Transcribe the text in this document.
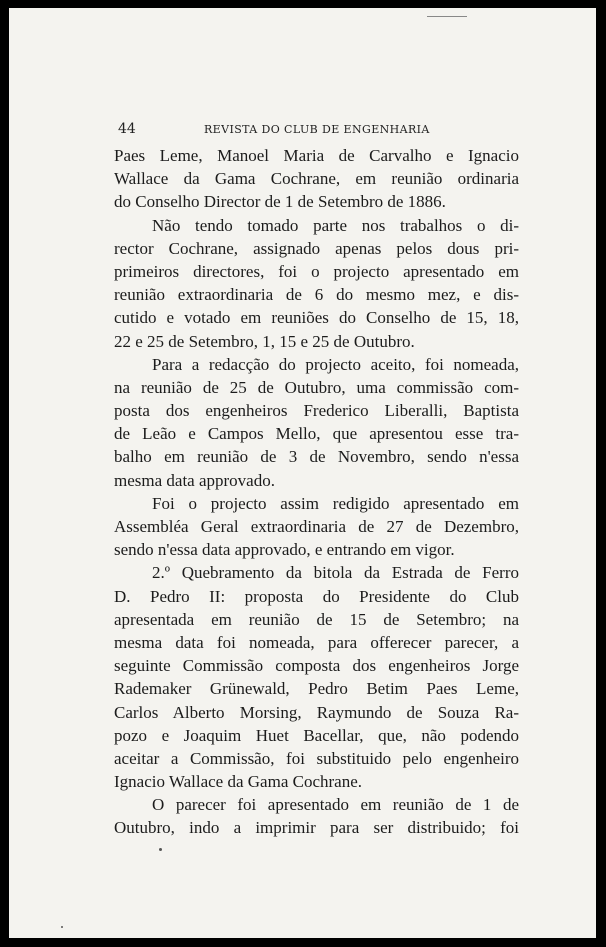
44	REVISTA DO CLUB DE ENGENHARIA
Paes Leme, Manoel Maria de Carvalho e Ignacio
Wallace da Gama Cochrane, em reunião ordinaria
do Conselho Director de 1 de Setembro de 1886.
Não tendo tomado parte nos trabalhos o di-
rector Cochrane, assignado apenas pelos dous pri-
primeiros directores, foi o projecto apresentado em
reunião extraordinaria de 6 do mesmo mez, e dis-
cutido e votado em reuniões do Conselho de 15, 18,
22 e 25 de Setembro, 1, 15 e 25 de Outubro.
Para a redacção do projecto aceito, foi nomeada,
na reunião de 25 de Outubro, uma commissão com-
posta dos engenheiros Frederico Liberalli, Baptista
de Leão e Campos Mello, que apresentou esse tra-
balho em reunião de 3 de Novembro, sendo n'essa
mesma data approvado.
Foi o projecto assim redigido apresentado em
Assembléa Geral extraordinaria de 27 de Dezembro,
sendo n'essa data approvado, e entrando em vigor.
2.º Quebramento da bitola da Estrada de Ferro
D. Pedro II: proposta do Presidente do Club
apresentada em reunião de 15 de Setembro; na
mesma data foi nomeada, para offerecer parecer, a
seguinte Commissão composta dos engenheiros Jorge
Rademaker Grünewald, Pedro Betim Paes Leme,
Carlos Alberto Morsing, Raymundo de Souza Ra-
pozo e Joaquim Huet Bacellar, que, não podendo
aceitar a Commissão, foi substituido pelo engenheiro
Ignacio Wallace da Gama Cochrane.
O parecer foi apresentado em reunião de 1 de
Outubro, indo a imprimir para ser distribuido; foi
